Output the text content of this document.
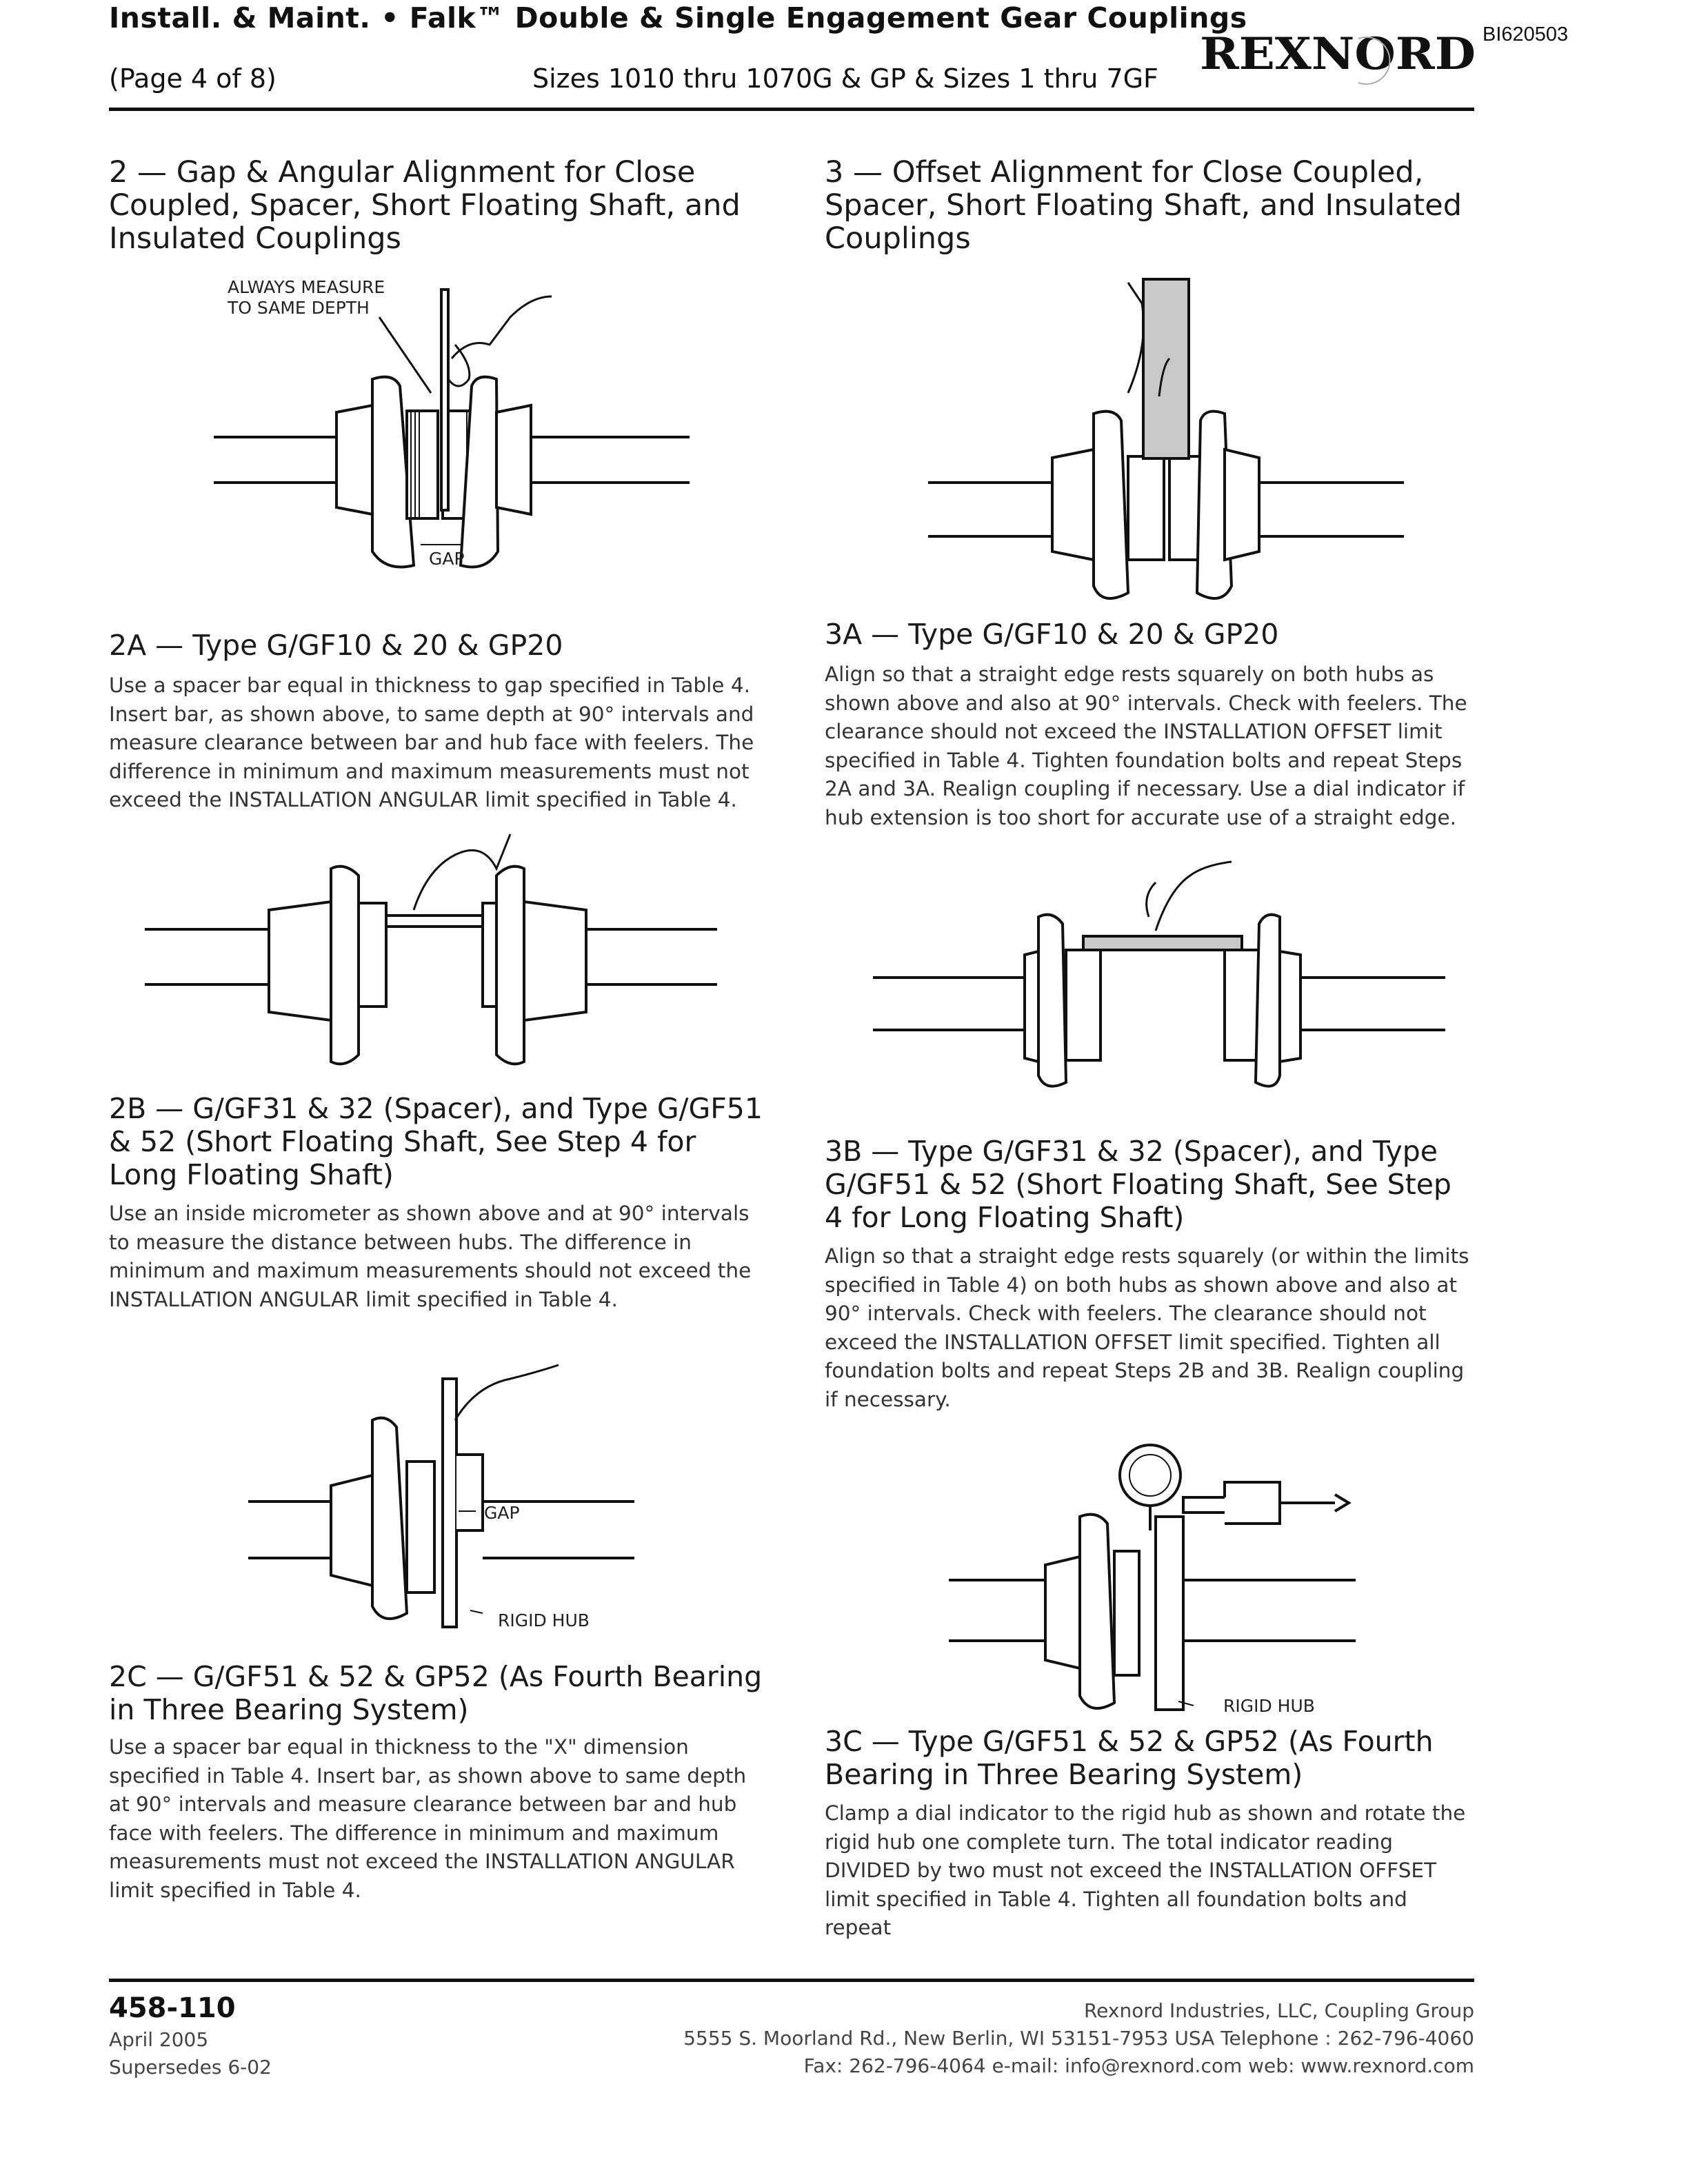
Install. & Maint. • Falk™ Double & Single Engagement Gear Couplings
(Page 4 of 8)	Sizes 1010 thru 1070G & GP & Sizes 1 thru 7GF REXNORD BI620503
2 — Gap & Angular Alignment for Close Coupled, Spacer, Short Floating Shaft, and Insulated Couplings
ALWAYS MEASURE
TO SAME DEPTH
GAP
2A — Type G/GF10 & 20 & GP20
Use a spacer bar equal in thickness to gap specified in Table 4. Insert bar, as shown above, to same depth at 90° intervals and measure clearance between bar and hub face with feelers. The difference in minimum and maximum measurements must not exceed the INSTALLATION ANGULAR limit specified in Table 4.
2B — G/GF31 & 32 (Spacer), and Type G/GF51 & 52 (Short Floating Shaft, See Step 4 for Long Floating Shaft)
Use an inside micrometer as shown above and at 90° intervals to measure the distance between hubs. The difference in minimum and maximum measurements should not exceed the INSTALLATION ANGULAR limit specified in Table 4.
GAP
RIGID HUB
2C — G/GF51 & 52 & GP52 (As Fourth Bearing in Three Bearing System)
Use a spacer bar equal in thickness to the "X" dimension specified in Table 4. Insert bar, as shown above to same depth at 90° intervals and measure clearance between bar and hub face with feelers. The difference in minimum and maximum measurements must not exceed the INSTALLATION ANGULAR limit specified in Table 4.
3 — Offset Alignment for Close Coupled, Spacer, Short Floating Shaft, and Insulated Couplings
3A — Type G/GF10 & 20 & GP20
Align so that a straight edge rests squarely on both hubs as shown above and also at 90° intervals. Check with feelers. The clearance should not exceed the INSTALLATION OFFSET limit specified in Table 4. Tighten foundation bolts and repeat Steps 2A and 3A. Realign coupling if necessary. Use a dial indicator if hub extension is too short for accurate use of a straight edge.
3B — Type G/GF31 & 32 (Spacer), and Type G/GF51 & 52 (Short Floating Shaft, See Step 4 for Long Floating Shaft)
Align so that a straight edge rests squarely (or within the limits specified in Table 4) on both hubs as shown above and also at 90° intervals. Check with feelers. The clearance should not exceed the INSTALLATION OFFSET limit specified. Tighten all foundation bolts and repeat Steps 2B and 3B. Realign coupling if necessary.
RIGID HUB
3C — Type G/GF51 & 52 & GP52 (As Fourth Bearing in Three Bearing System)
Clamp a dial indicator to the rigid hub as shown and rotate the rigid hub one complete turn. The total indicator reading DIVIDED by two must not exceed the INSTALLATION OFFSET limit specified in Table 4. Tighten all foundation bolts and repeat
458-110
April 2005
Supersedes 6-02
Rexnord Industries, LLC, Coupling Group
5555 S. Moorland Rd., New Berlin, WI 53151-7953 USA Telephone : 262-796-4060
Fax: 262-796-4064 e-mail: info@rexnord.com web: www.rexnord.com
